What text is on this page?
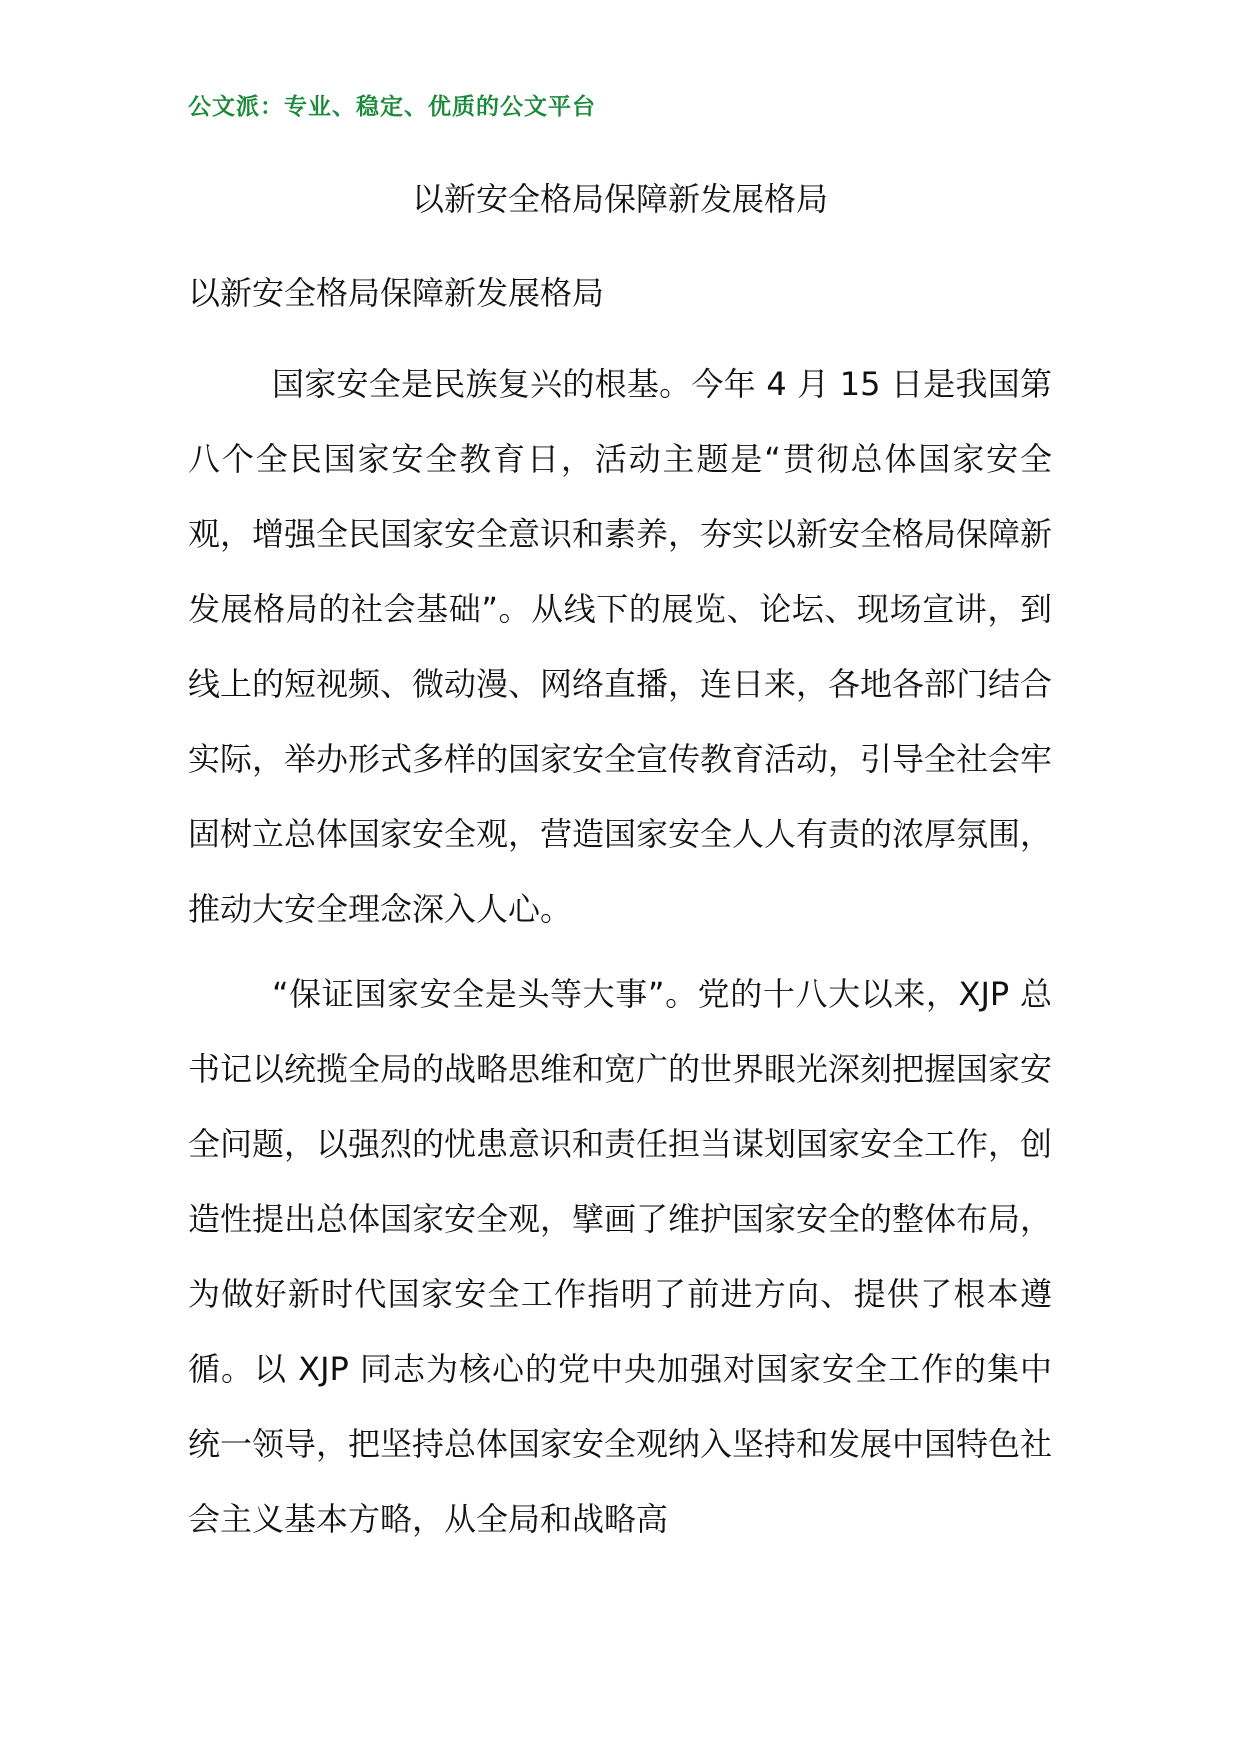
公文派：专业、稳定、优质的公文平台
以新安全格局保障新发展格局
以新安全格局保障新发展格局

国家安全是民族复兴的根基。今年 4 月 15 日是我国第八个全民国家安全教育日，活动主题是“贯彻总体国家安全观，增强全民国家安全意识和素养，夯实以新安全格局保障新发展格局的社会基础”。从线下的展览、论坛、现场宣讲，到线上的短视频、微动漫、网络直播，连日来，各地各部门结合实际，举办形式多样的国家安全宣传教育活动，引导全社会牢固树立总体国家安全观，营造国家安全人人有责的浓厚氛围，推动大安全理念深入人心。

“保证国家安全是头等大事”。党的十八大以来，XJP 总书记以统揽全局的战略思维和宽广的世界眼光深刻把握国家安全问题，以强烈的忧患意识和责任担当谋划国家安全工作，创造性提出总体国家安全观，擘画了维护国家安全的整体布局，为做好新时代国家安全工作指明了前进方向、提供了根本遵循。以 XJP 同志为核心的党中央加强对国家安全工作的集中统一领导，把坚持总体国家安全观纳入坚持和发展中国特色社会主义基本方略，从全局和战略高
